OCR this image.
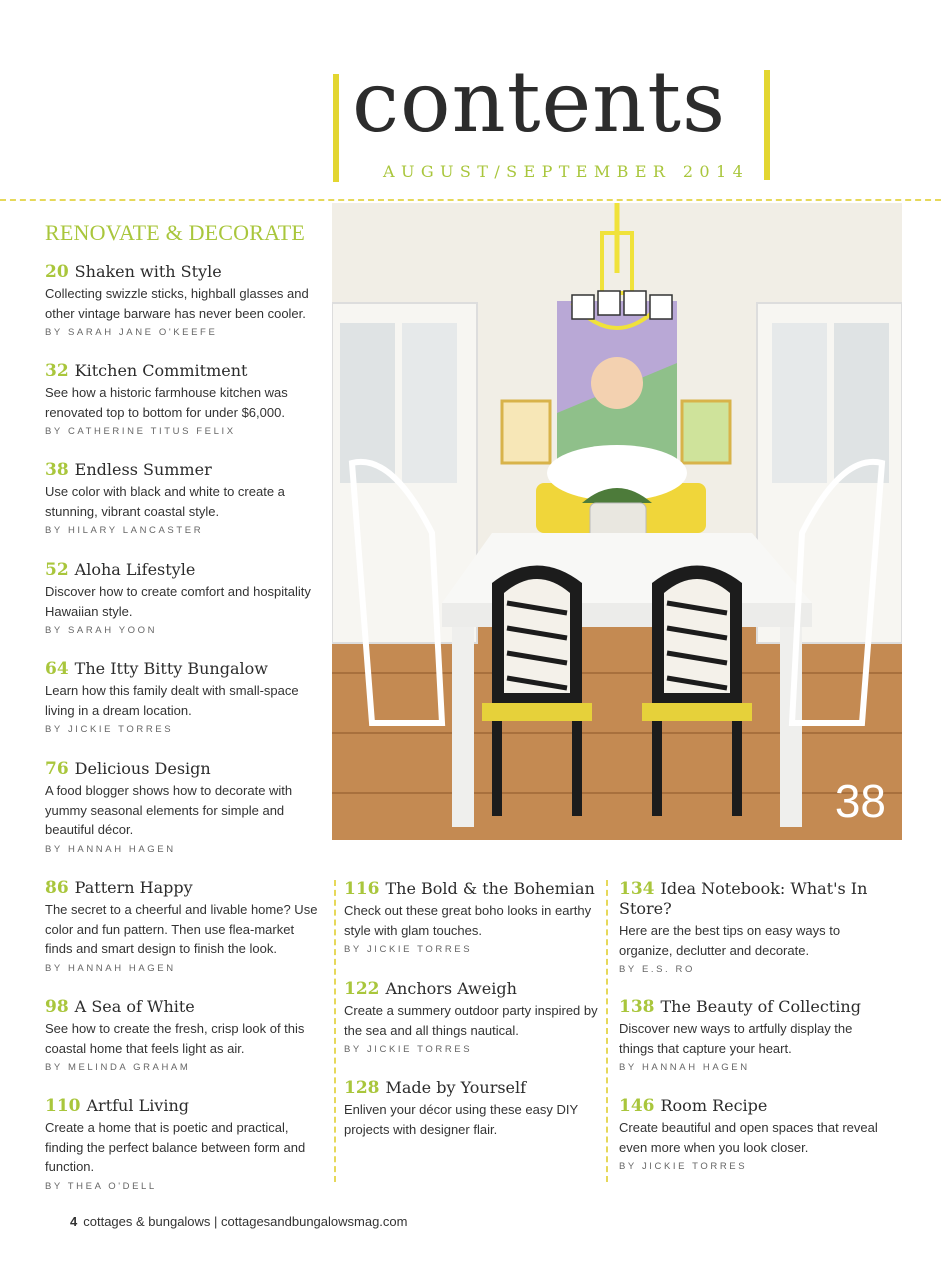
contents
AUGUST/SEPTEMBER 2014
RENOVATE & DECORATE
20 Shaken with Style
Collecting swizzle sticks, highball glasses and other vintage barware has never been cooler.
BY SARAH JANE O'KEEFE
32 Kitchen Commitment
See how a historic farmhouse kitchen was renovated top to bottom for under $6,000.
BY CATHERINE TITUS FELIX
38 Endless Summer
Use color with black and white to create a stunning, vibrant coastal style.
BY HILARY LANCASTER
52 Aloha Lifestyle
Discover how to create comfort and hospitality Hawaiian style.
BY SARAH YOON
64 The Itty Bitty Bungalow
Learn how this family dealt with small-space living in a dream location.
BY JICKIE TORRES
76 Delicious Design
A food blogger shows how to decorate with yummy seasonal elements for simple and beautiful décor.
BY HANNAH HAGEN
86 Pattern Happy
The secret to a cheerful and livable home? Use color and fun pattern. Then use flea-market finds and smart design to finish the look.
BY HANNAH HAGEN
98 A Sea of White
See how to create the fresh, crisp look of this coastal home that feels light as air.
BY MELINDA GRAHAM
110 Artful Living
Create a home that is poetic and practical, finding the perfect balance between form and function.
BY THEA O'DELL
116 The Bold & the Bohemian
Check out these great boho looks in earthy style with glam touches.
BY JICKIE TORRES
122 Anchors Aweigh
Create a summery outdoor party inspired by the sea and all things nautical.
BY JICKIE TORRES
128 Made by Yourself
Enliven your décor using these easy DIY projects with designer flair.
134 Idea Notebook: What's In Store?
Here are the best tips on easy ways to organize, declutter and decorate.
BY E.S. RO
138 The Beauty of Collecting
Discover new ways to artfully display the things that capture your heart.
BY HANNAH HAGEN
146 Room Recipe
Create beautiful and open spaces that reveal even more when you look closer.
BY JICKIE TORRES
38
4 cottages & bungalows | cottagesandbungalowsmag.com
